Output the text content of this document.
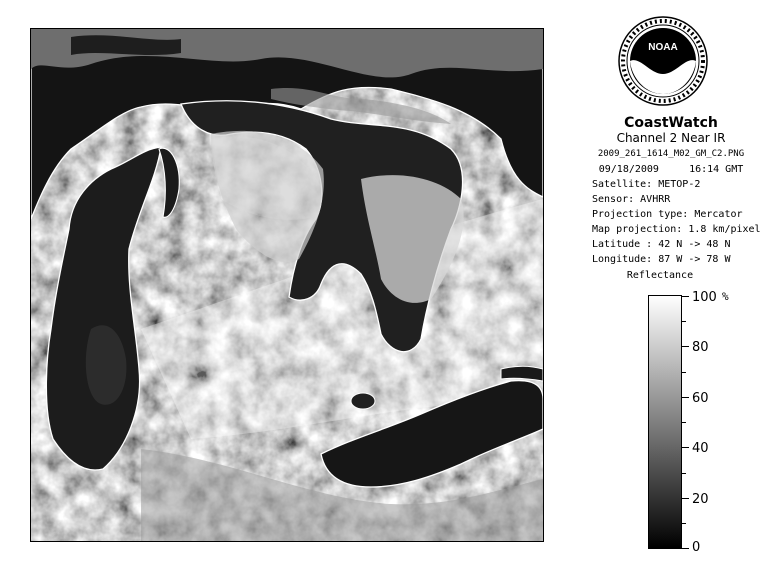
NOAA
CoastWatch
Channel 2 Near IR
2009_261_1614_M02_GM_C2.PNG
09/18/2009	16:14 GMT
Satellite: METOP-2
Sensor: AVHRR
Projection type: Mercator
Map projection: 1.8 km/pixel
Latitude : 42 N -> 48 N
Longitude: 87 W -> 78 W
Reflectance
%
100
80
60
40
20
0
